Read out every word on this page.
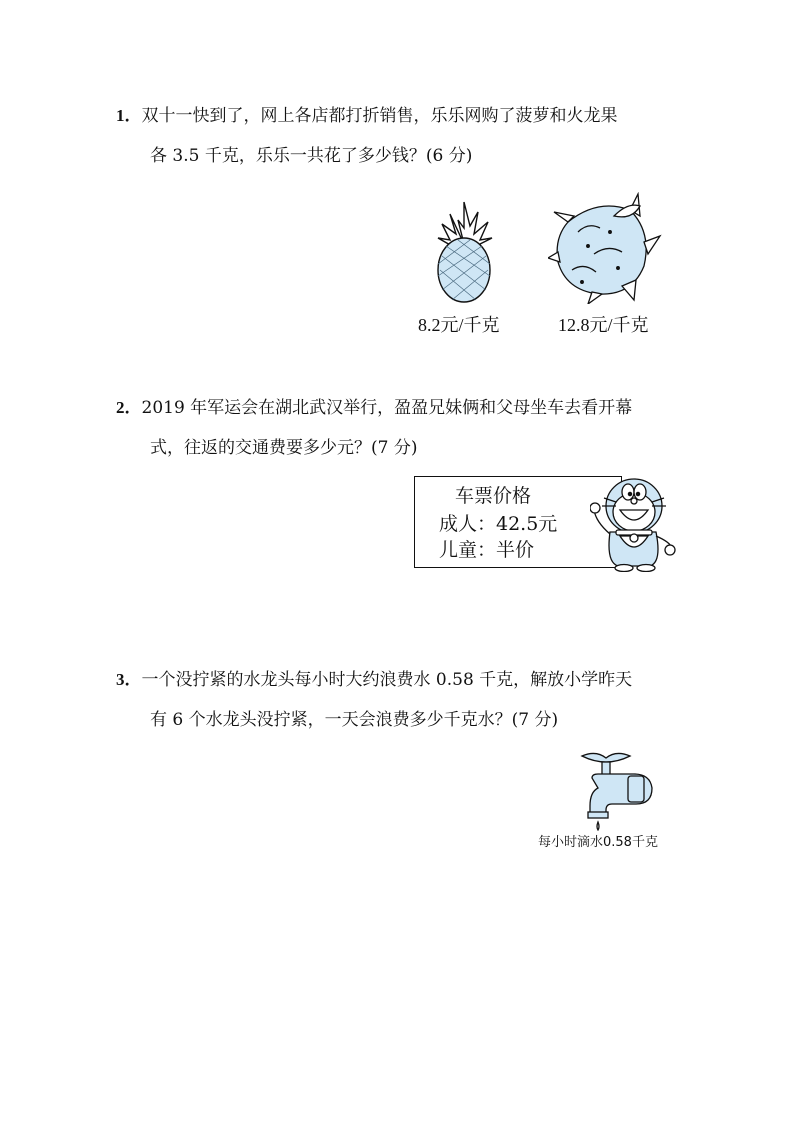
1．双十一快到了，网上各店都打折销售，乐乐网购了菠萝和火龙果
各 3.5 千克，乐乐一共花了多少钱？(6 分)
8.2元/千克	12.8元/千克
2．2019 年军运会在湖北武汉举行，盈盈兄妹俩和父母坐车去看开幕
式，往返的交通费要多少元？(7 分)
车票价格
成人：42.5元
儿童：半价
3．一个没拧紧的水龙头每小时大约浪费水 0.58 千克，解放小学昨天
有 6 个水龙头没拧紧，一天会浪费多少千克水？(7 分)
每小时滴水0.58千克
